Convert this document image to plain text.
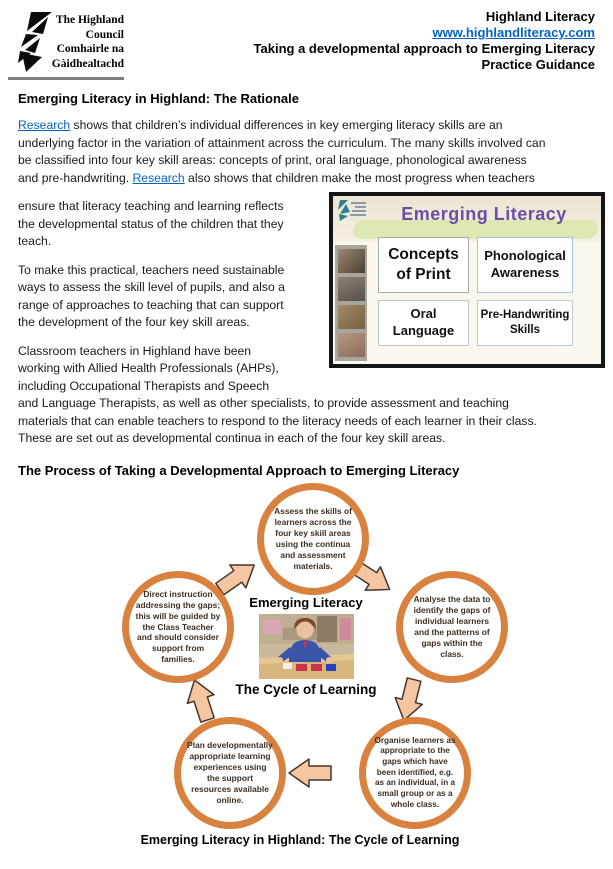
The Highland
Council
Comhairle na
Gàidhealtachd
Highland Literacy
www.highlandliteracy.com
Taking a developmental approach to Emerging Literacy
Practice Guidance
Emerging Literacy in Highland: The Rationale
Research shows that children’s individual differences in key emerging literacy skills are an
underlying factor in the variation of attainment across the curriculum. The many skills involved can
be classified into four key skill areas: concepts of print, oral language, phonological awareness
and pre-handwriting. Research also shows that children make the most progress when teachers
ensure that literacy teaching and learning reflects
the developmental status of the children that they
teach.
To make this practical, teachers need sustainable
ways to assess the skill level of pupils, and also a
range of approaches to teaching that can support
the development of the four key skill areas.
Classroom teachers in Highland have been
working with Allied Health Professionals (AHPs),
including Occupational Therapists and Speech
and Language Therapists, as well as other specialists, to provide assessment and teaching
materials that can enable teachers to respond to the literacy needs of each learner in their class.
These are set out as developmental continua in each of the four key skill areas.
The Process of Taking a Developmental Approach to Emerging Literacy
Emerging Literacy
Concepts of Print
Phonological Awareness
Oral Language
Pre-Handwriting Skills
Assess the skills of learners across the four key skill areas using the continua and assessment materials.
Analyse the data to identify the gaps of individual learners and the patterns of gaps within the class.
Organise learners as appropriate to the gaps which have been identified, e.g. as an individual, in a small group or as a whole class.
Plan developmentally appropriate learning experiences using the support resources available online.
Direct instruction addressing the gaps; this will be guided by the Class Teacher and should consider support from families.
Emerging Literacy
The Cycle of Learning
Emerging Literacy in Highland: The Cycle of Learning
